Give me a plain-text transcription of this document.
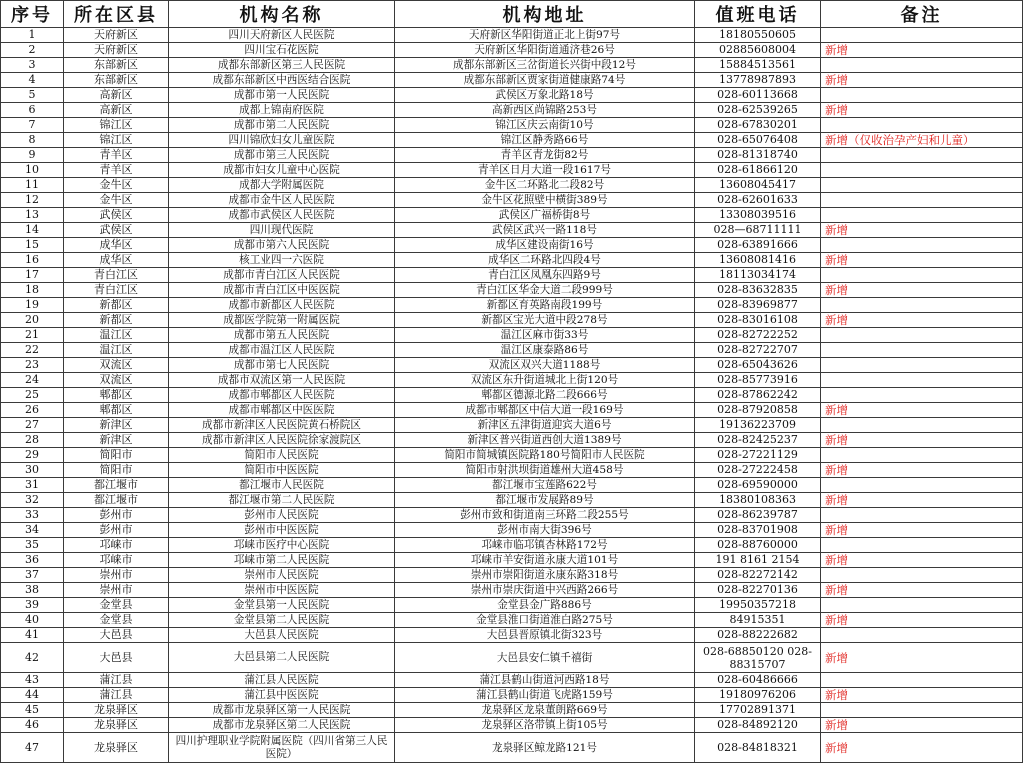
序号	所在区县	机构名称	机构地址	值班电话	备注
1	天府新区	四川天府新区人民医院	天府新区华阳街道正北上街97号	18180550605	
2	天府新区	四川宝石花医院	天府新区华阳街道通济巷26号	02885608004	新增
3	东部新区	成都东部新区第三人民医院	成都东部新区三岔街道长兴街中段12号	15884513561	
4	东部新区	成都东部新区中西医结合医院	成都东部新区贾家街道健康路74号	13778987893	新增
5	高新区	成都市第一人民医院	武侯区万象北路18号	028-60113668	
6	高新区	成都上锦南府医院	高新西区尚锦路253号	028-62539265	新增
7	锦江区	成都市第二人民医院	锦江区庆云南街10号	028-67830201	
8	锦江区	四川锦欣妇女儿童医院	锦江区静秀路66号	028-65076408	新增（仅收治孕产妇和儿童）
9	青羊区	成都市第三人民医院	青羊区青龙街82号	028-81318740	
10	青羊区	成都市妇女儿童中心医院	青羊区日月大道一段1617号	028-61866120	
11	金牛区	成都大学附属医院	金牛区二环路北二段82号	13608045417	
12	金牛区	成都市金牛区人民医院	金牛区花照壁中横街389号	028-62601633	
13	武侯区	成都市武侯区人民医院	武侯区广福桥街8号	13308039516	
14	武侯区	四川现代医院	武侯区武兴一路118号	028—68711111	新增
15	成华区	成都市第六人民医院	成华区建设南街16号	028-63891666	
16	成华区	核工业四一六医院	成华区二环路北四段4号	13608081416	新增
17	青白江区	成都市青白江区人民医院	青白江区凤凰东四路9号	18113034174	
18	青白江区	成都市青白江区中医医院	青白江区华金大道二段999号	028-83632835	新增
19	新都区	成都市新都区人民医院	新都区育英路南段199号	028-83969877	
20	新都区	成都医学院第一附属医院	新都区宝光大道中段278号	028-83016108	新增
21	温江区	成都市第五人民医院	温江区麻市街33号	028-82722252	
22	温江区	成都市温江区人民医院	温江区康泰路86号	028-82722707	
23	双流区	成都市第七人民医院	双流区双兴大道1188号	028-65043626	
24	双流区	成都市双流区第一人民医院	双流区东升街道城北上街120号	028-85773916	
25	郫都区	成都市郫都区人民医院	郫都区德源北路二段666号	028-87862242	
26	郫都区	成都市郫都区中医医院	成都市郫都区中信大道一段169号	028-87920858	新增
27	新津区	成都市新津区人民医院黄石桥院区	新津区五津街道迎宾大道6号	19136223709	
28	新津区	成都市新津区人民医院徐家渡院区	新津区普兴街道西创大道1389号	028-82425237	新增
29	简阳市	简阳市人民医院	简阳市简城镇医院路180号简阳市人民医院	028-27221129	
30	简阳市	简阳市中医医院	简阳市射洪坝街道雄州大道458号	028-27222458	新增
31	都江堰市	都江堰市人民医院	都江堰市宝莲路622号	028-69590000	
32	都江堰市	都江堰市第二人民医院	都江堰市发展路89号	18380108363	新增
33	彭州市	彭州市人民医院	彭州市致和街道南三环路二段255号	028-86239787	
34	彭州市	彭州市中医医院	彭州市南大街396号	028-83701908	新增
35	邛崃市	邛崃市医疗中心医院	邛崃市临邛镇杏林路172号	028-88760000	
36	邛崃市	邛崃市第二人民医院	邛崃市羊安街道永康大道101号	191 8161 2154	新增
37	崇州市	崇州市人民医院	崇州市崇阳街道永康东路318号	028-82272142	
38	崇州市	崇州市中医医院	崇州市崇庆街道中兴西路266号	028-82270136	新增
39	金堂县	金堂县第一人民医院	金堂县金广路886号	19950357218	
40	金堂县	金堂县第二人民医院	金堂县淮口街道淮白路275号	84915351	新增
41	大邑县	大邑县人民医院	大邑县晋原镇北街323号	028-88222682	
42	大邑县	大邑县第二人民医院	大邑县安仁镇千禧街	028-68850120 028-88315707	新增
43	蒲江县	蒲江县人民医院	蒲江县鹤山街道河西路18号	028-60486666	
44	蒲江县	蒲江县中医医院	蒲江县鹤山街道飞虎路159号	19180976206	新增
45	龙泉驿区	成都市龙泉驿区第一人民医院	龙泉驿区龙泉董朗路669号	17702891371	
46	龙泉驿区	成都市龙泉驿区第二人民医院	龙泉驿区洛带镇上街105号	028-84892120	新增
47	龙泉驿区	四川护理职业学院附属医院（四川省第三人民医院）	龙泉驿区鲸龙路121号	028-84818321	新增
